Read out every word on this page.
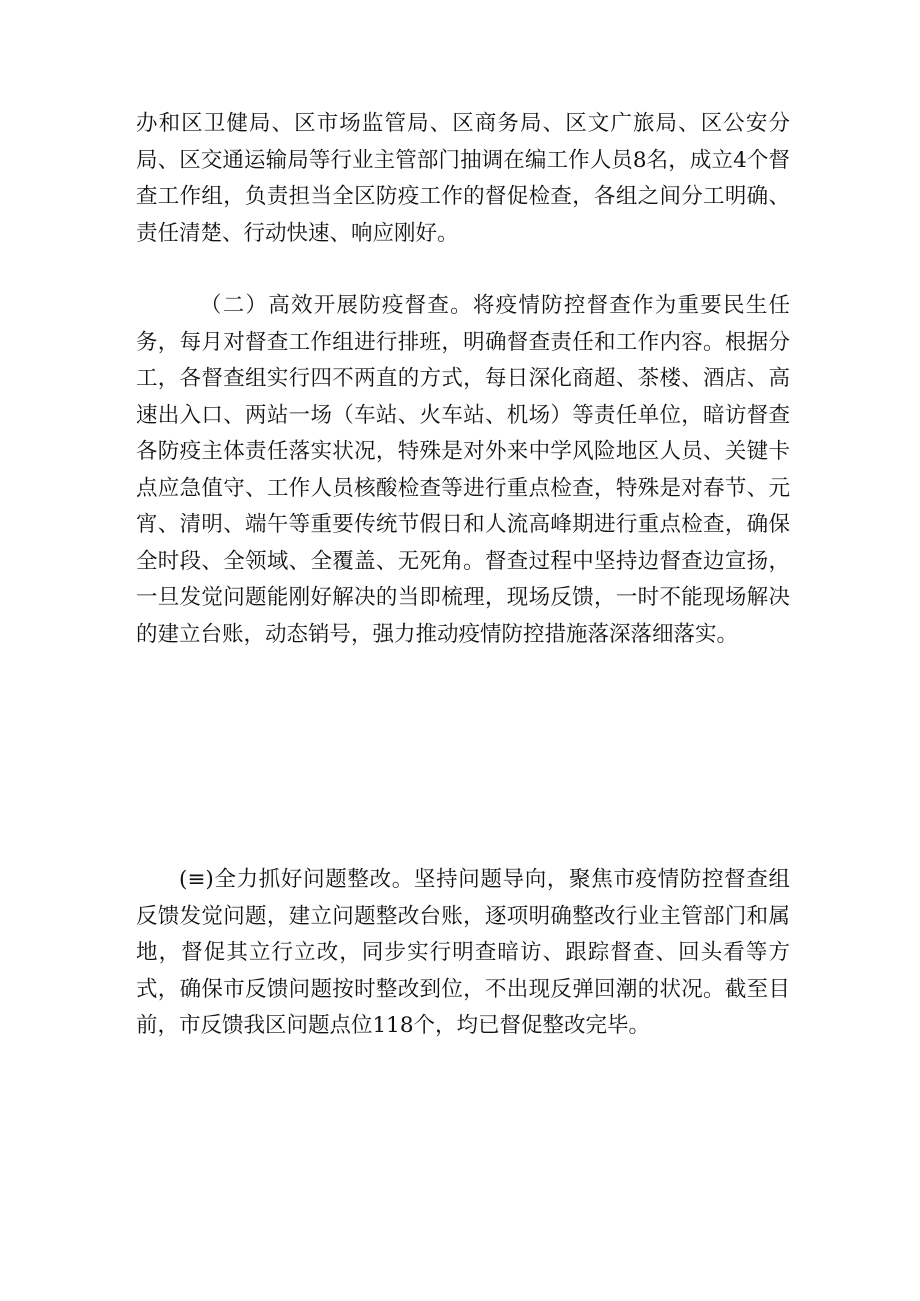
办和区卫健局、区市场监管局、区商务局、区文广旅局、区公安分局、区交通运输局等行业主管部门抽调在编工作人员8名，成立4个督查工作组，负责担当全区防疫工作的督促检查，各组之间分工明确、责任清楚、行动快速、响应刚好。

（二）高效开展防疫督查。将疫情防控督查作为重要民生任务，每月对督查工作组进行排班，明确督查责任和工作内容。根据分工，各督查组实行四不两直的方式，每日深化商超、茶楼、酒店、高速出入口、两站一场（车站、火车站、机场）等责任单位，暗访督查各防疫主体责任落实状况，特殊是对外来中学风险地区人员、关键卡点应急值守、工作人员核酸检查等进行重点检查，特殊是对春节、元宵、清明、端午等重要传统节假日和人流高峰期进行重点检查，确保全时段、全领域、全覆盖、无死角。督查过程中坚持边督查边宣扬，一旦发觉问题能刚好解决的当即梳理，现场反馈，一时不能现场解决的建立台账，动态销号，强力推动疫情防控措施落深落细落实。

(≡)全力抓好问题整改。坚持问题导向，聚焦市疫情防控督查组反馈发觉问题，建立问题整改台账，逐项明确整改行业主管部门和属地，督促其立行立改，同步实行明查暗访、跟踪督查、回头看等方式，确保市反馈问题按时整改到位，不出现反弹回潮的状况。截至目前，市反馈我区问题点位118个，均已督促整改完毕。
